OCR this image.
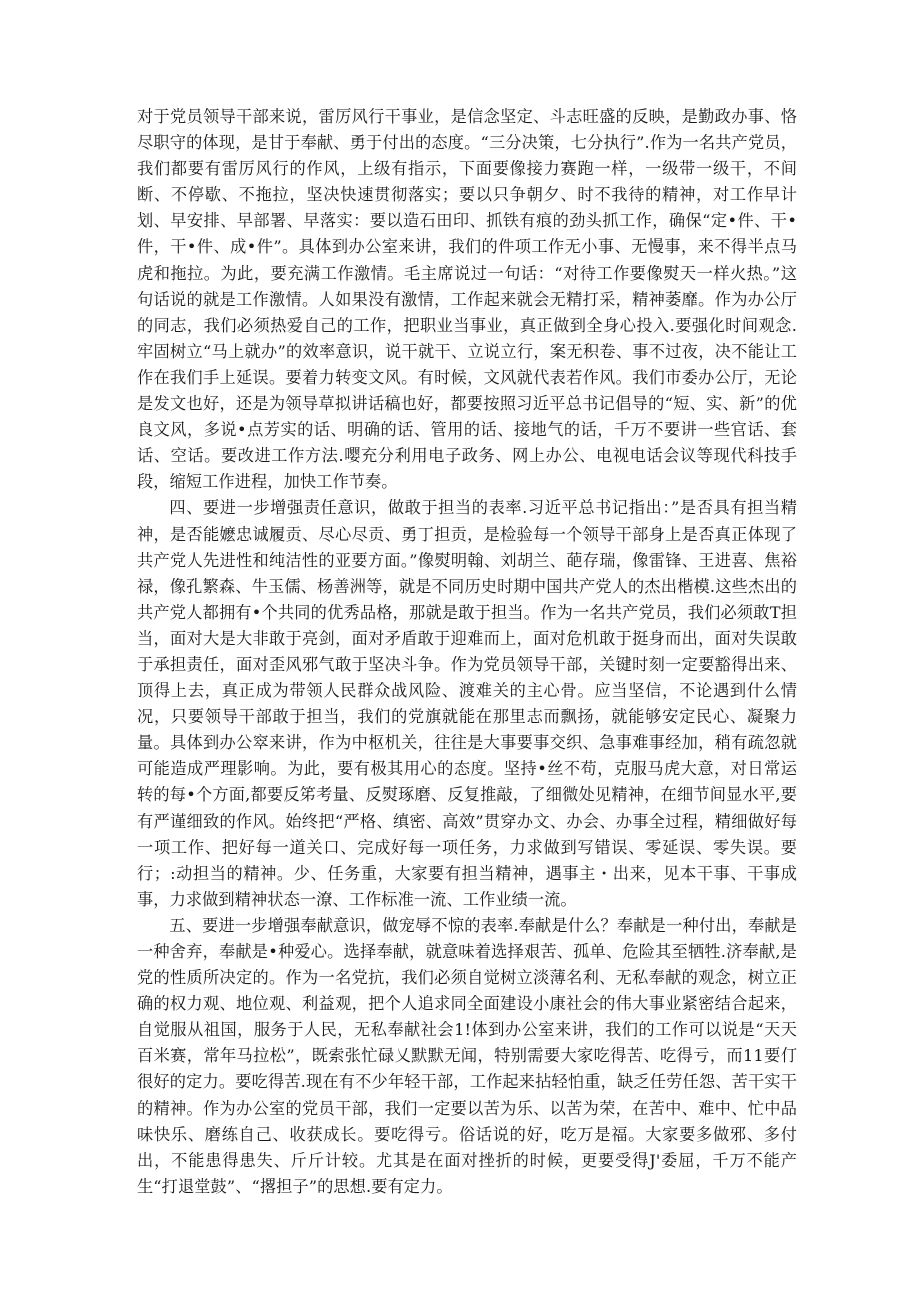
对于党员领导干部来说，雷厉风行干事业，是信念坚定、斗志旺盛的反映，是勤政办事、恪尽职守的体现，是甘于奉献、勇于付出的态度。“三分决策，七分执行”.作为一名共产党员，我们都要有雷厉风行的作风，上级有指示，下面要像接力赛跑一样，一级带一级干，不间断、不停歇、不拖拉，坚决快速贯彻落实；要以只争朝夕、时不我待的精神，对工作早计划、早安排、早部署、早落实：要以造石田印、抓铁有痕的劲头抓工作，确保“定•件、干•件，干•件、成•件”。具体到办公室来讲，我们的件项工作无小事、无慢事，来不得半点马虎和拖拉。为此，要充满工作激情。毛主席说过一句话：“对待工作要像熨天一样火热。”这句话说的就是工作激情。人如果没有激情，工作起来就会无精打采，精神萎靡。作为办公厅的同志，我们必须热爱自己的工作，把职业当事业，真正做到全身心投入.要强化时间观念.牢固树立“马上就办”的效率意识，说干就干、立说立行，案无积卷、事不过夜，决不能让工作在我们手上延误。要着力转变文风。有时候，文风就代表若作风。我们市委办公厅，无论是发文也好，还是为领导草拟讲话稿也好，都要按照习近平总书记倡导的“短、实、新”的优良文风，多说•点芳实的话、明确的话、管用的话、接地气的话，千万不要讲一些官话、套话、空话。要改进工作方法.嘤充分利用电子政务、网上办公、电视电话会议等现代科技手段，缩短工作进程，加快工作节奏。

四、要进一步增强责任意识，做敢于担当的表率.习近平总书记指出：”是否具有担当精神，是否能嬷忠诚履贡、尽心尽贡、勇丁担贡，是检验每一个领导干部身上是否真正体现了共产党人先进性和纯洁性的亚要方面。”像熨明翰、刘胡兰、葩存瑞，像雷锋、王进喜、焦裕禄，像孔繁森、牛玉儒、杨善洲等，就是不同历史时期中国共产党人的杰出楷模.这些杰出的共产党人都拥有•个共同的优秀品格，那就是敢于担当。作为一名共产党员，我们必须敢T担当，面对大是大非敢于亮剑，面对矛盾敢于迎难而上，面对危机敢于挺身而出，面对失误敢于承担责任，面对歪风邪气敢于坚决斗争。作为党员领导干部，关键时刻一定要豁得出来、顶得上去，真正成为带领人民群众战风险、渡难关的主心骨。应当坚信，不论遇到什么情况，只要领导干部敢于担当，我们的党旗就能在那里志而飘扬，就能够安定民心、凝聚力量。具体到办公窣来讲，作为中枢机关，往往是大事要事交织、急事难事经加，稍有疏忽就可能造成严理影响。为此，要有极其用心的态度。坚持•丝不苟，克服马虎大意，对日常运转的每•个方面,都要反笫考量、反熨琢磨、反复推敲，了细微处见精神，在细节间显水平,要有严谨细致的作风。始终把“严格、缜密、高效”贯穿办文、办会、办事全过程，精细做好每一项工作、把好每一道关口、完成好每一项任务，力求做到写错误、零延误、零失误。要行；:动担当的精神。少、任务重，大家要有担当精神，遇事主・出来，见本干事、干事成事，力求做到精神状态一潦、工作标准一流、工作业绩一流。

五、要进一步增强奉献意识，做宠辱不惊的表率.奉献是什么？奉献是一种付出，奉献是一种舍弃，奉献是•种爱心。选择奉献，就意味着选择艰苦、孤单、危险其至牺牲.济奉献,是党的性质所决定的。作为一名党抗，我们必须自觉树立淡薄名利、无私奉献的观念，树立正确的权力观、地位观、利益观，把个人追求同全面建设小康社会的伟大事业紧密结合起来，自觉服从祖国，服务于人民，无私奉献社会1!体到办公室来讲，我们的工作可以说是“天天百米赛，常年马拉松”，既索张忙碌乂默默无闻，特别需要大家吃得苦、吃得亏，而11要仃很好的定力。要吃得苦.现在有不少年轻干部，工作起来拈轻怕重，缺乏任劳任怨、苦干实干的精神。作为办公室的党员干部，我们一定要以苦为乐、以苦为荣，在苦中、难中、忙中品味快乐、磨练自己、收获成长。要吃得亏。俗话说的好，吃万是福。大家要多做邪、多付出，不能患得患失、斤斤计较。尤其是在面对挫折的时候，更要受得J'委屈，千万不能产生“打退堂鼓”、“撂担子”的思想.要有定力。
